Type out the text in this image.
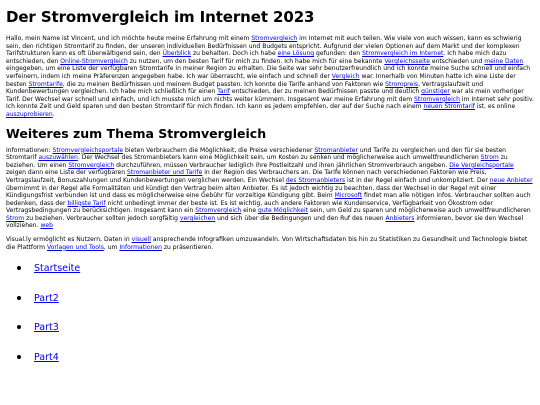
Der Stromvergleich im Internet 2023

Hallo, mein Name ist Vincent, und ich möchte heute meine Erfahrung mit einem Stromvergleich im Internet mit euch teilen. Wie viele von euch wissen, kann es schwierig sein, den richtigen Stromtarif zu finden, der unseren individuellen Bedürfnissen und Budgets entspricht. Aufgrund der vielen Optionen auf dem Markt und der komplexen Tarifstrukturen kann es oft überwältigend sein, den Überblick zu behalten. Doch ich habe eine Lösung gefunden: den Stromvergleich im Internet. Ich habe mich dazu entschieden, den Online-Stromvergleich zu nutzen, um den besten Tarif für mich zu finden. Ich habe mich für eine bekannte Vergleichsseite entschieden und meine Daten eingegeben, um eine Liste der verfügbaren Stromtarife in meiner Region zu erhalten. Die Seite war sehr benutzerfreundlich und ich konnte meine Suche schnell und einfach verfeinern, indem ich meine Präferenzen angegeben habe. Ich war überrascht, wie einfach und schnell der Vergleich war. Innerhalb von Minuten hatte ich eine Liste der besten Stromtarife, die zu meinen Bedürfnissen und meinem Budget passten. Ich konnte die Tarife anhand von Faktoren wie Strompreis, Vertragslaufzeit und Kundenbewertungen vergleichen. Ich habe mich schließlich für einen Tarif entschieden, der zu meinen Bedürfnissen passte und deutlich günstiger war als mein vorheriger Tarif. Der Wechsel war schnell und einfach, und ich musste mich um nichts weiter kümmern. Insgesamt war meine Erfahrung mit dem Stromvergleich im Internet sehr positiv. Ich konnte Zeit und Geld sparen und den besten Stromtarif für mich finden. Ich kann es jedem empfehlen, der auf der Suche nach einem neuen Stromtarif ist, es online auszuprobieren.

Weiteres zum Thema Stromvergleich

Informationen: Stromvergleichsportale bieten Verbrauchern die Möglichkeit, die Preise verschiedener Stromanbieter und Tarife zu vergleichen und den für sie besten Stromtarif auszuwählen. Der Wechsel des Stromanbieters kann eine Möglichkeit sein, um Kosten zu senken und möglicherweise auch umweltfreundlicheren Strom zu beziehen. Um einen Stromvergleich durchzuführen, müssen Verbraucher lediglich ihre Postleitzahl und ihren jährlichen Stromverbrauch angeben. Die Vergleichsportale zeigen dann eine Liste der verfügbaren Stromanbieter und Tarife in der Region des Verbrauchers an. Die Tarife können nach verschiedenen Faktoren wie Preis, Vertragslaufzeit, Bonuszahlungen und Kundenbewertungen verglichen werden. Ein Wechsel des Stromanbieters ist in der Regel einfach und unkompliziert. Der neue Anbieter übernimmt in der Regel alle Formalitäten und kündigt den Vertrag beim alten Anbieter. Es ist jedoch wichtig zu beachten, dass der Wechsel in der Regel mit einer Kündigungsfrist verbunden ist und dass es möglicherweise eine Gebühr für vorzeitige Kündigung gibt. Beim Microsoft findet man alle nötigen infos. Verbraucher sollten auch bedenken, dass der billigste Tarif nicht unbedingt immer der beste ist. Es ist wichtig, auch andere Faktoren wie Kundenservice, Verfügbarkeit von Ökostrom oder Vertragsbedingungen zu berücksichtigen. Insgesamt kann ein Stromvergleich eine gute Möglichkeit sein, um Geld zu sparen und möglicherweise auch umweltfreundlicheren Strom zu beziehen. Verbraucher sollten jedoch sorgfältig vergleichen und sich über die Bedingungen und den Ruf des neuen Anbieters informieren, bevor sie den Wechsel vollziehen. web

Visual.ly ermöglicht es Nutzern, Daten in visuell ansprechende Infografiken umzuwandeln. Von Wirtschaftsdaten bis hin zu Statistiken zu Gesundheit und Technologie bietet die Plattform Vorlagen und Tools, um Informationen zu präsentieren.

• Startseite
• Part2
• Part3
• Part4
